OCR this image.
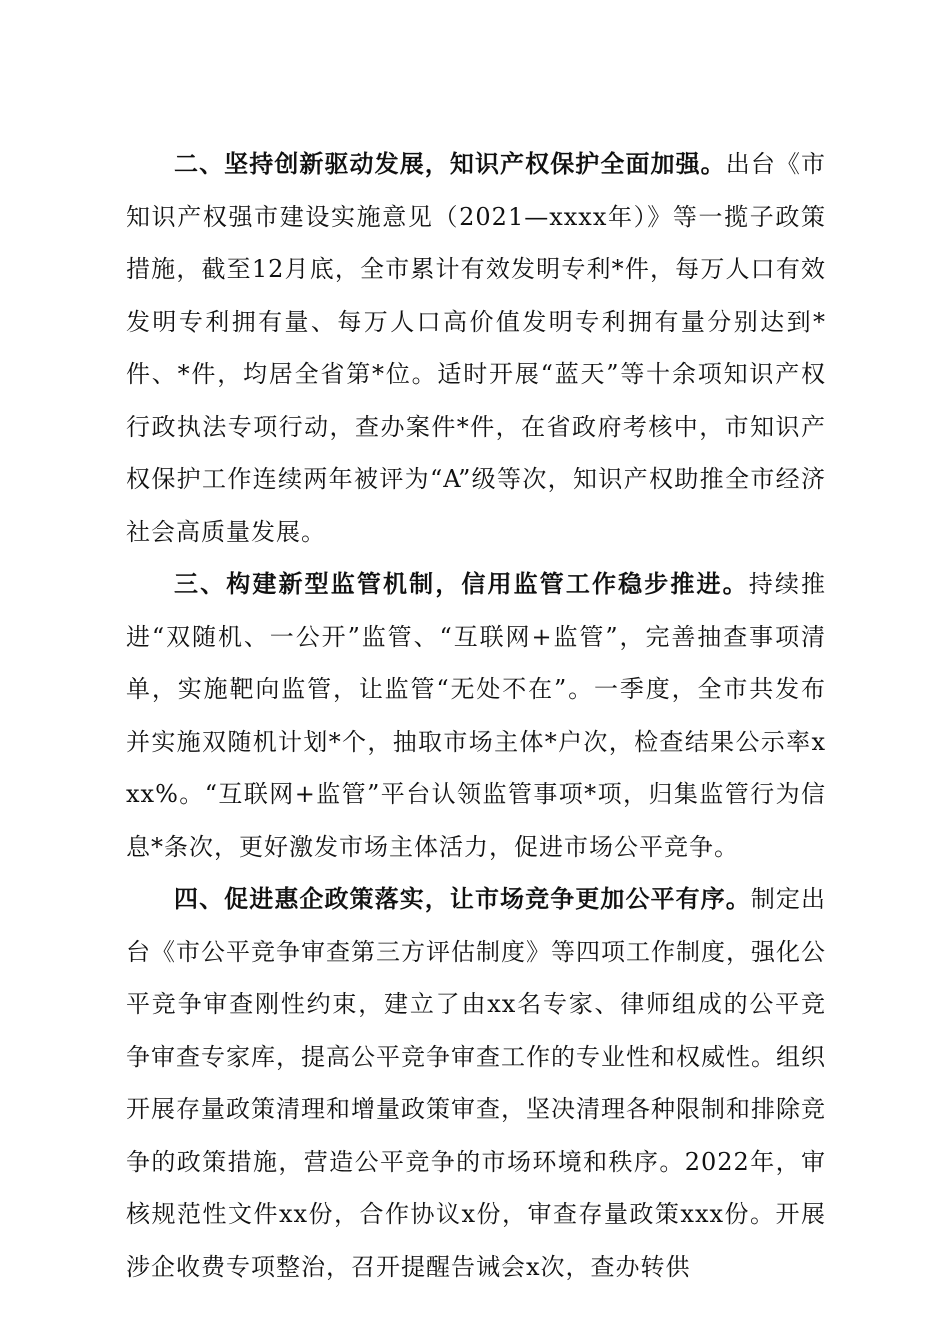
二、坚持创新驱动发展，知识产权保护全面加强。出台《市知识产权强市建设实施意见（2021—xxxx年）》等一揽子政策措施，截至12月底，全市累计有效发明专利*件，每万人口有效发明专利拥有量、每万人口高价值发明专利拥有量分别达到*件、*件，均居全省第*位。适时开展“蓝天”等十余项知识产权行政执法专项行动，查办案件*件，在省政府考核中，市知识产权保护工作连续两年被评为“A”级等次，知识产权助推全市经济社会高质量发展。

三、构建新型监管机制，信用监管工作稳步推进。持续推进“双随机、一公开”监管、“互联网+监管”，完善抽查事项清单，实施靶向监管，让监管“无处不在”。一季度，全市共发布并实施双随机计划*个，抽取市场主体*户次，检查结果公示率xxx%。“互联网+监管”平台认领监管事项*项，归集监管行为信息*条次，更好激发市场主体活力，促进市场公平竞争。

四、促进惠企政策落实，让市场竞争更加公平有序。制定出台《市公平竞争审查第三方评估制度》等四项工作制度，强化公平竞争审查刚性约束，建立了由xx名专家、律师组成的公平竞争审查专家库，提高公平竞争审查工作的专业性和权威性。组织开展存量政策清理和增量政策审查，坚决清理各种限制和排除竞争的政策措施，营造公平竞争的市场环境和秩序。2022年，审核规范性文件xx份，合作协议x份，审查存量政策xxx份。开展涉企收费专项整治，召开提醒告诫会x次，查办转供
